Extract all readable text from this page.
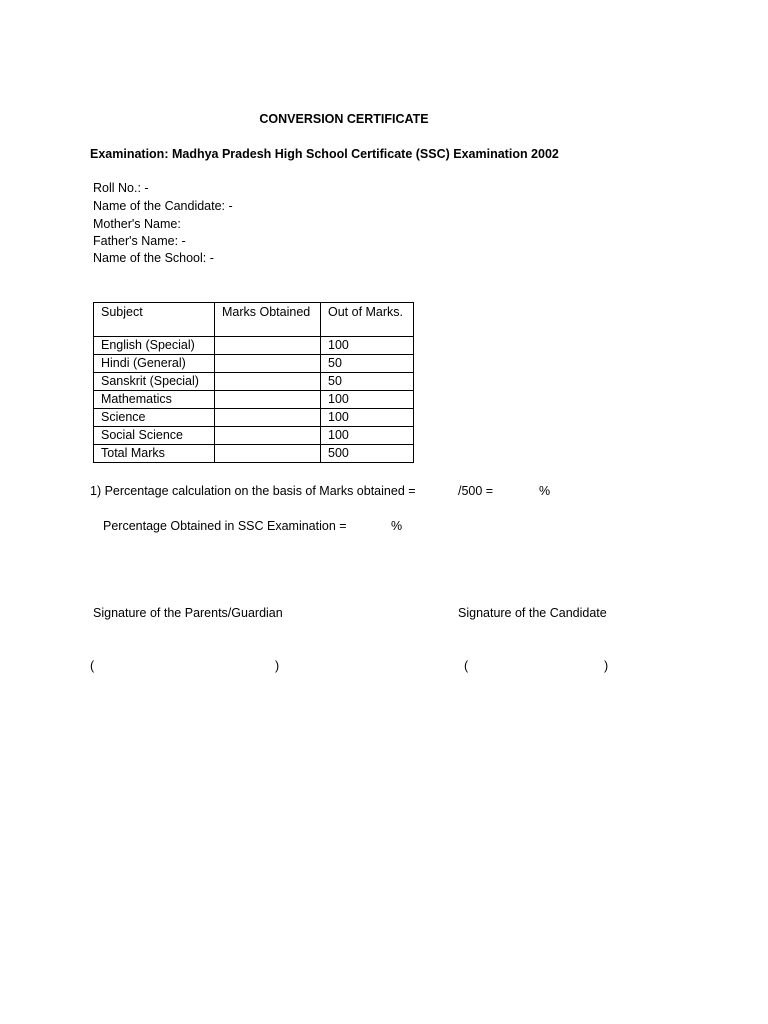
CONVERSION CERTIFICATE
Examination: Madhya Pradesh High School Certificate (SSC) Examination 2002
Roll No.: -
Name of the Candidate: -
Mother's Name:
Father's Name: -
Name of the School: -
Subject	Marks Obtained	Out of Marks.
English (Special)		100
Hindi (General)		50
Sanskrit (Special)		50
Mathematics		100
Science		100
Social Science		100
Total Marks		500
1) Percentage calculation on the basis of Marks obtained =	/500 =	%
Percentage Obtained in SSC Examination =	%
Signature of the Parents/Guardian	Signature of the Candidate
(	)	(	)
